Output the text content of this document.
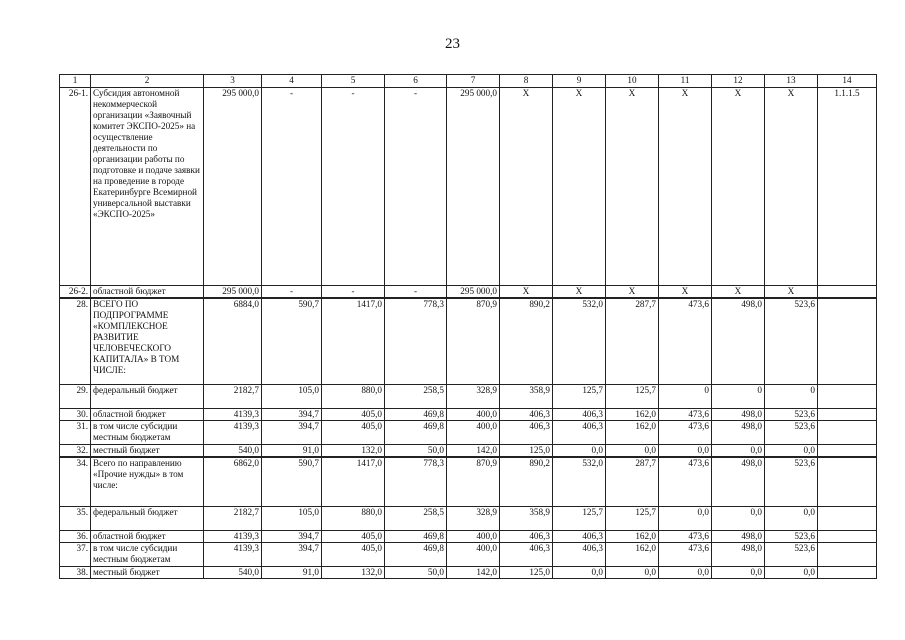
23
1	2	3	4	5	6	7	8	9	10	11	12	13	14
26-1.	Субсидия автономной некоммерческой организации «Заявочный комитет ЭКСПО-2025» на осуществление деятельности по организации работы по подготовке и подаче заявки на проведение в городе Екатеринбурге Всемирной универсальной выставки «ЭКСПО-2025»	295 000,0	-	-	-	295 000,0	X	X	X	X	X	X	1.1.1.5
26-2.	областной бюджет	295 000,0	-	-	-	295 000,0	X	X	X	X	X	X	
28.	ВСЕГО ПО ПОДПРОГРАММЕ «КОМПЛЕКСНОЕ РАЗВИТИЕ ЧЕЛОВЕЧЕСКОГО КАПИТАЛА» В ТОМ ЧИСЛЕ:	6884,0	590,7	1417,0	778,3	870,9	890,2	532,0	287,7	473,6	498,0	523,6	
29.	федеральный бюджет	2182,7	105,0	880,0	258,5	328,9	358,9	125,7	125,7	0	0	0	
30.	областной бюджет	4139,3	394,7	405,0	469,8	400,0	406,3	406,3	162,0	473,6	498,0	523,6	
31.	в том числе субсидии местным бюджетам	4139,3	394,7	405,0	469,8	400,0	406,3	406,3	162,0	473,6	498,0	523,6	
32.	местный бюджет	540,0	91,0	132,0	50,0	142,0	125,0	0,0	0,0	0,0	0,0	0,0	
34.	Всего по направлению «Прочие нужды» в том числе:	6862,0	590,7	1417,0	778,3	870,9	890,2	532,0	287,7	473,6	498,0	523,6	
35.	федеральный бюджет	2182,7	105,0	880,0	258,5	328,9	358,9	125,7	125,7	0,0	0,0	0,0	
36.	областной бюджет	4139,3	394,7	405,0	469,8	400,0	406,3	406,3	162,0	473,6	498,0	523,6	
37.	в том числе субсидии местным бюджетам	4139,3	394,7	405,0	469,8	400,0	406,3	406,3	162,0	473,6	498,0	523,6	
38.	местный бюджет	540,0	91,0	132,0	50,0	142,0	125,0	0,0	0,0	0,0	0,0	0,0	
